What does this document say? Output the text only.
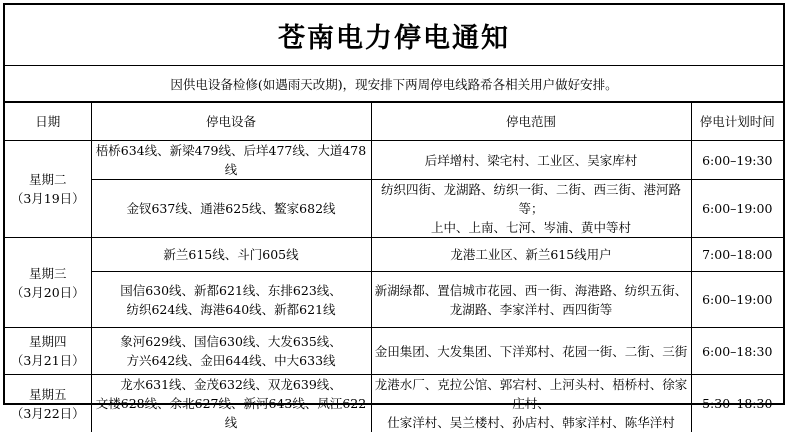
苍南电力停电通知
因供电设备检修(如遇雨天改期)，现安排下两周停电线路希各相关用户做好安排。
日期	停电设备	停电范围	停电计划时间

星期二
（3月19日）	梧桥634线、新梁479线、后垟477线、大道478线	后垟增村、梁宅村、工业区、吴家库村	6:00–19:30
	金钗637线、通港625线、鳘家682线	纺织四街、龙湖路、纺织一街、二街、西三街、港河路等；
上中、上南、七河、岑浦、黄中等村	6:00–19:00

星期三
（3月20日）	新兰615线、斗门605线	龙港工业区、新兰615线用户	7:00–18:00
	国信630线、新都621线、东排623线、
纺织624线、海港640线、新都621线	新湖绿都、置信城市花园、西一街、海港路、纺织五街、
龙湖路、李家洋村、西四街等	6:00–19:00

星期四
（3月21日）	象河629线、国信630线、大发635线、
方兴642线、金田644线、中大633线	金田集团、大发集团、下洋郑村、花园一街、二街、三街	6:00–18:30

星期五
（3月22日）	龙水631线、金茂632线、双龙639线、
文楼628线、余北627线、新河643线、凤江622线	龙港水厂、克拉公馆、郭宕村、上河头村、梧桥村、徐家庄村、
仕家洋村、吴兰楼村、孙店村、韩家洋村、陈华洋村	5:30–18:30
